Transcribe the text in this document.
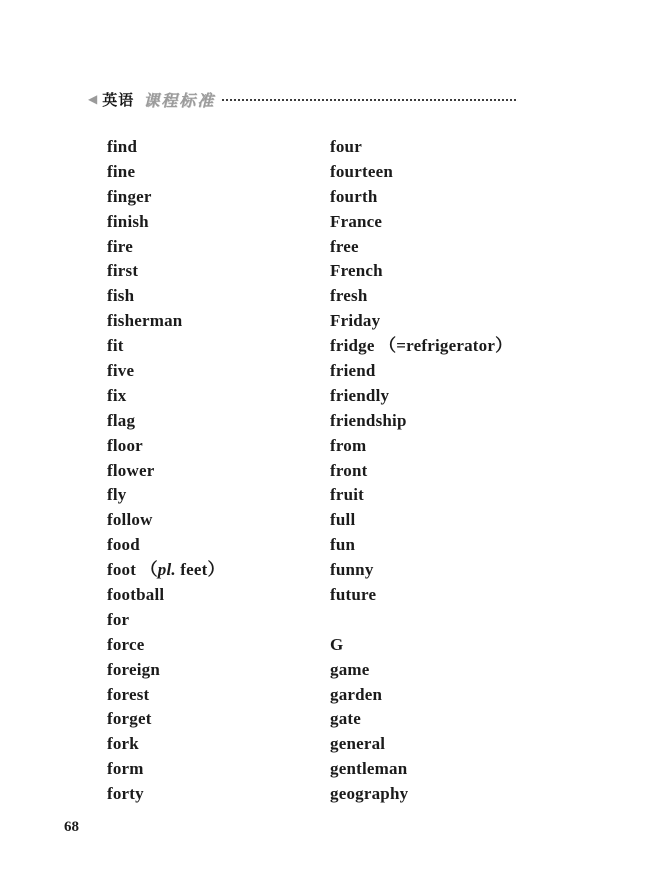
◀ 英语 课程标准
find
fine
finger
finish
fire
first
fish
fisherman
fit
five
fix
flag
floor
flower
fly
follow
food
foot （pl. feet）
football
for
force
foreign
forest
forget
fork
form
forty
four
fourteen
fourth
France
free
French
fresh
Friday
fridge （=refrigerator）
friend
friendly
friendship
from
front
fruit
full
fun
funny
future
G
game
garden
gate
general
gentleman
geography
68
